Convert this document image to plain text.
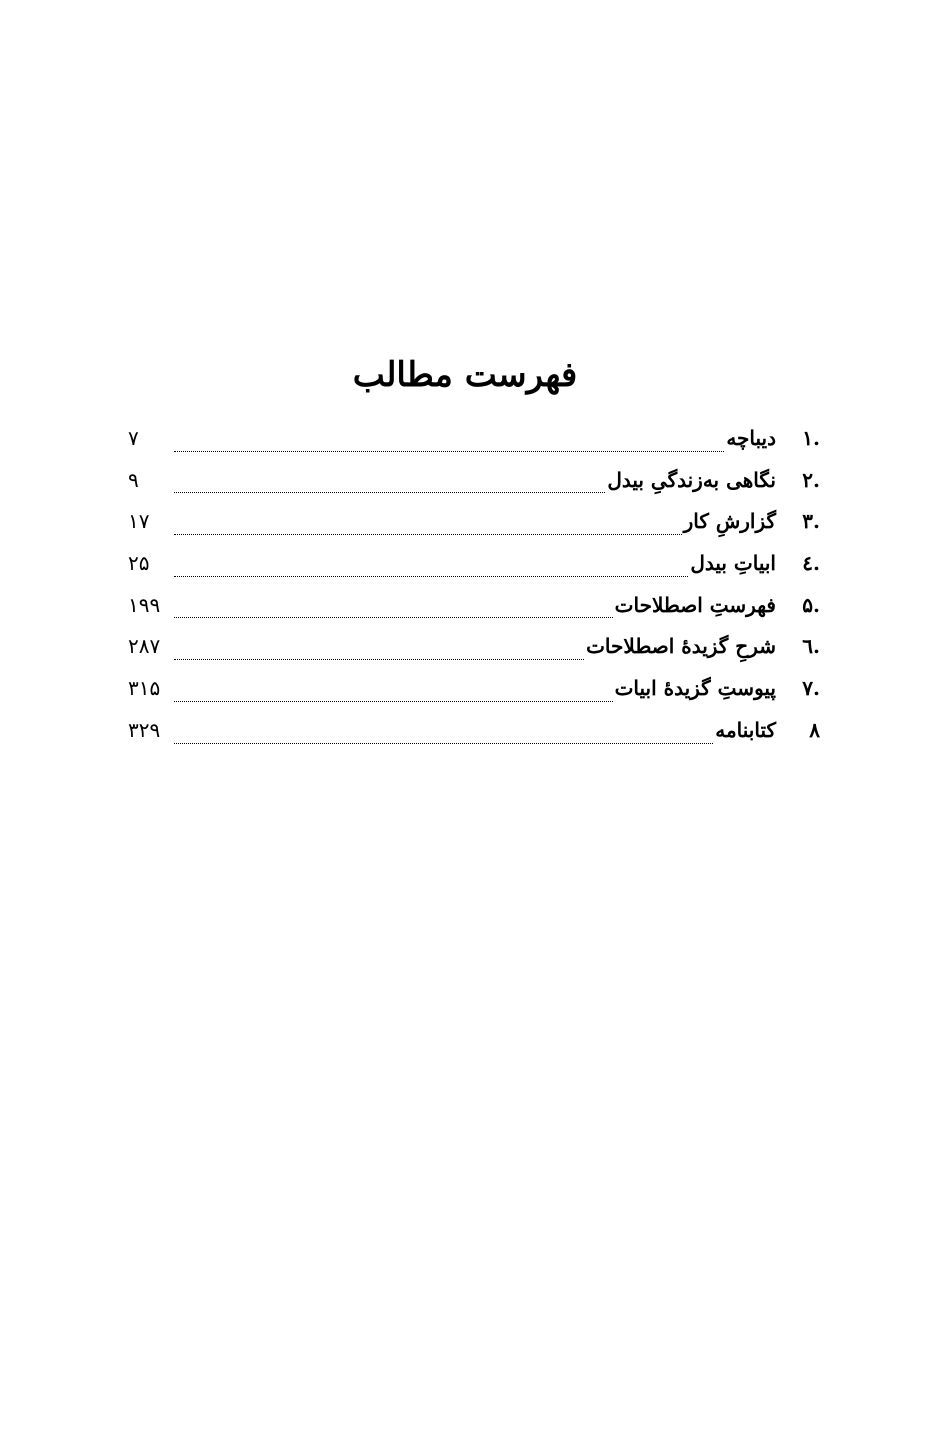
فهرست مطالب
.۱
دیباچه
۷
.۲
نگاهی به‌زندگیِ بیدل
۹
.۳
گزارشِ کار
۱۷
.٤
ابیاتِ بیدل
۲۵
.۵
فهرستِ اصطلاحات
۱۹۹
.٦
شرحِ گزیدهٔ اصطلاحات
۲۸۷
.۷
پیوستِ گزیدهٔ ابیات
۳۱۵
۸
کتابنامه
۳۲۹
